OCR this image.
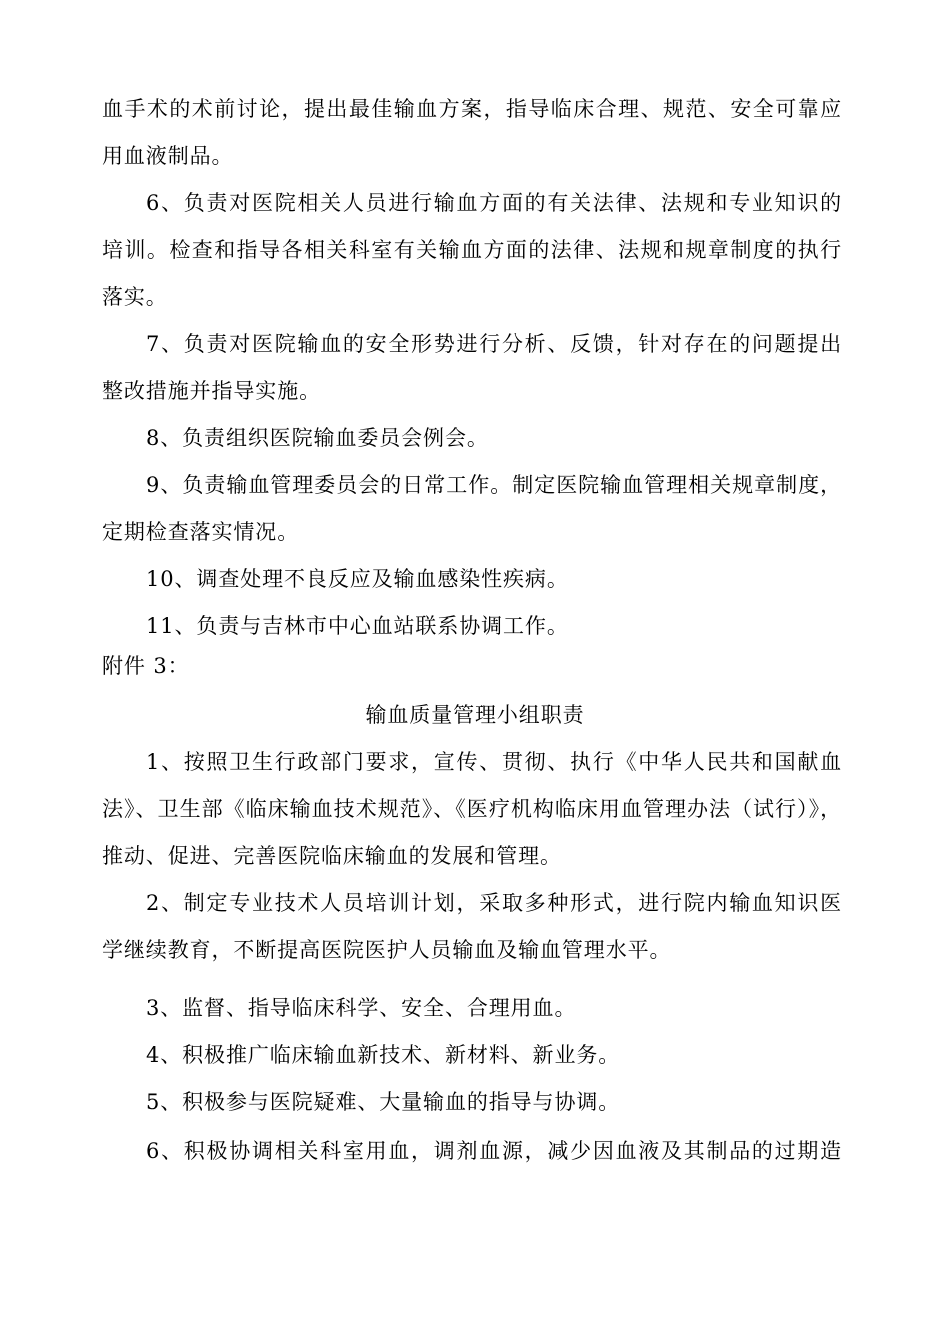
血手术的术前讨论，提出最佳输血方案，指导临床合理、规范、安全可靠应
用血液制品。
6、负责对医院相关人员进行输血方面的有关法律、法规和专业知识的
培训。检查和指导各相关科室有关输血方面的法律、法规和规章制度的执行
落实。
7、负责对医院输血的安全形势进行分析、反馈，针对存在的问题提出
整改措施并指导实施。
8、负责组织医院输血委员会例会。
9、负责输血管理委员会的日常工作。制定医院输血管理相关规章制度，
定期检查落实情况。
10、调查处理不良反应及输血感染性疾病。
11、负责与吉林市中心血站联系协调工作。
附件 3：
输血质量管理小组职责
1、按照卫生行政部门要求，宣传、贯彻、执行《中华人民共和国献血
法》、卫生部《临床输血技术规范》、《医疗机构临床用血管理办法（试行）》，
推动、促进、完善医院临床输血的发展和管理。
2、制定专业技术人员培训计划，采取多种形式，进行院内输血知识医
学继续教育，不断提高医院医护人员输血及输血管理水平。
3、监督、指导临床科学、安全、合理用血。
4、积极推广临床输血新技术、新材料、新业务。
5、积极参与医院疑难、大量输血的指导与协调。
6、积极协调相关科室用血，调剂血源，减少因血液及其制品的过期造
